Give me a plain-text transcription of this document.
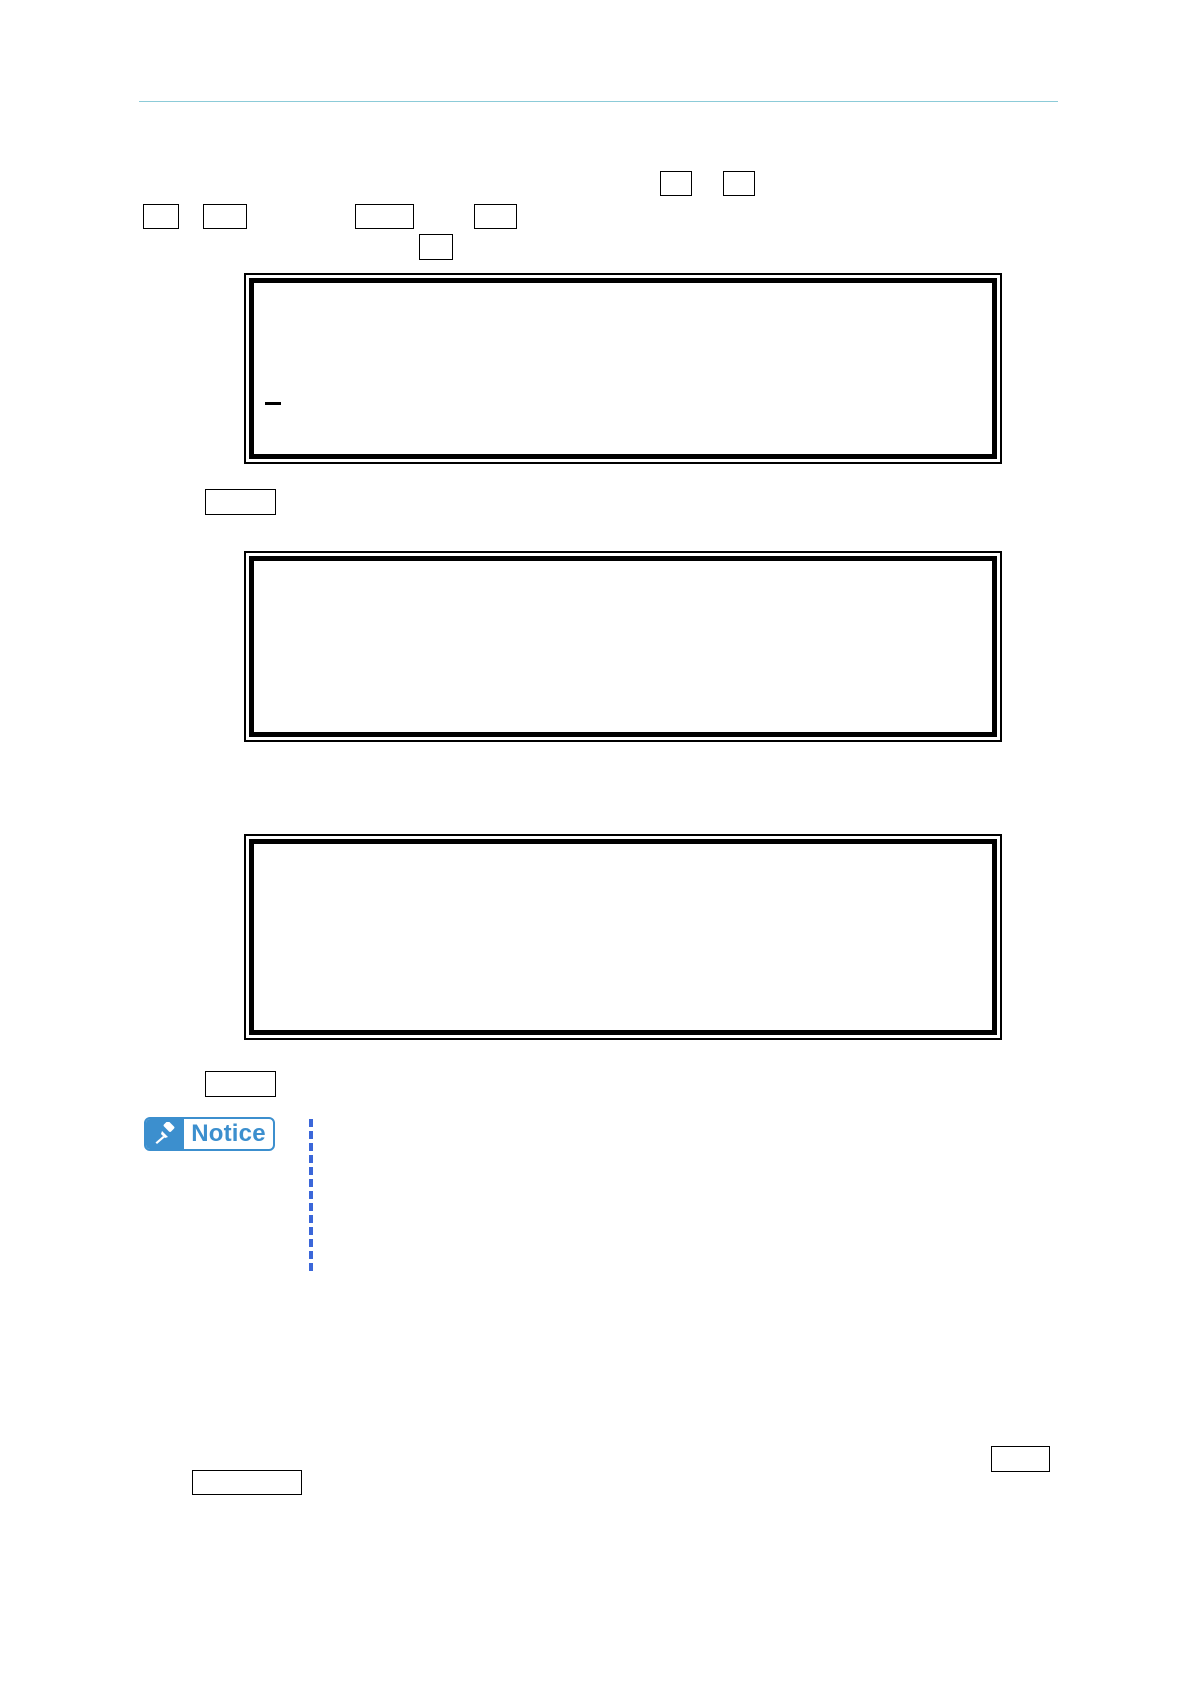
Notice
